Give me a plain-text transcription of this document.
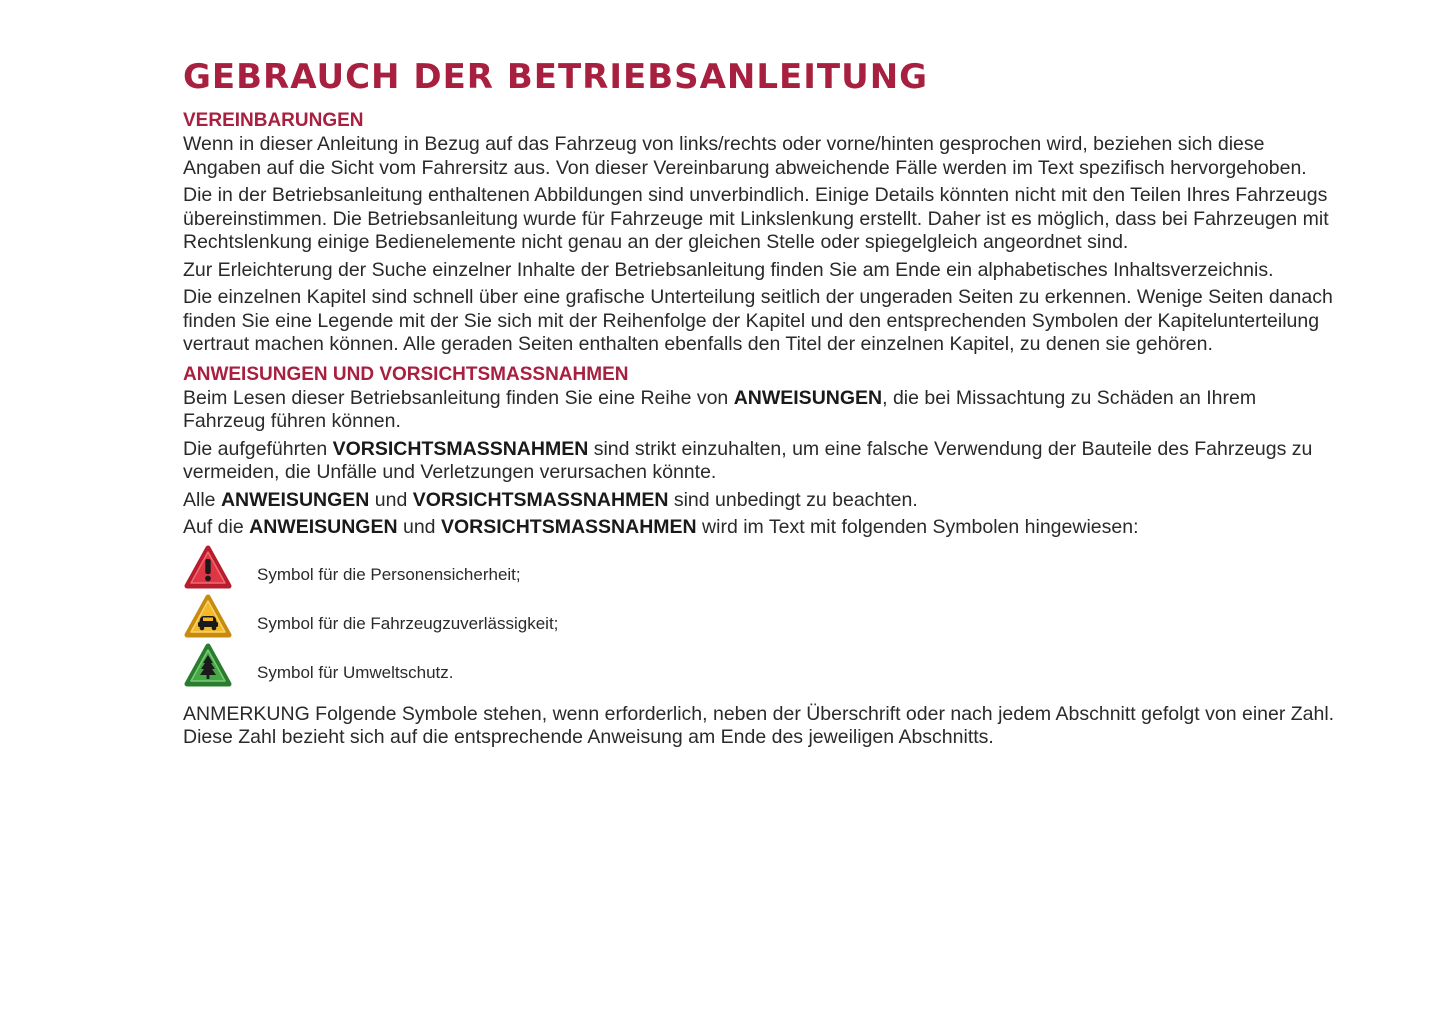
GEBRAUCH DER BETRIEBSANLEITUNG
VEREINBARUNGEN

Wenn in dieser Anleitung in Bezug auf das Fahrzeug von links/rechts oder vorne/hinten gesprochen wird, beziehen sich diese Angaben auf die Sicht vom Fahrersitz aus. Von dieser Vereinbarung abweichende Fälle werden im Text spezifisch hervorgehoben.

Die in der Betriebsanleitung enthaltenen Abbildungen sind unverbindlich. Einige Details könnten nicht mit den Teilen Ihres Fahrzeugs übereinstimmen. Die Betriebsanleitung wurde für Fahrzeuge mit Linkslenkung erstellt. Daher ist es möglich, dass bei Fahrzeugen mit Rechtslenkung einige Bedienelemente nicht genau an der gleichen Stelle oder spiegelgleich angeordnet sind.

Zur Erleichterung der Suche einzelner Inhalte der Betriebsanleitung finden Sie am Ende ein alphabetisches Inhaltsverzeichnis.

Die einzelnen Kapitel sind schnell über eine grafische Unterteilung seitlich der ungeraden Seiten zu erkennen. Wenige Seiten danach finden Sie eine Legende mit der Sie sich mit der Reihenfolge der Kapitel und den entsprechenden Symbolen der Kapitelunterteilung vertraut machen können. Alle geraden Seiten enthalten ebenfalls den Titel der einzelnen Kapitel, zu denen sie gehören.

ANWEISUNGEN UND VORSICHTSMASSNAHMEN

Beim Lesen dieser Betriebsanleitung finden Sie eine Reihe von ANWEISUNGEN, die bei Missachtung zu Schäden an Ihrem Fahrzeug führen können.

Die aufgeführten VORSICHTSMASSNAHMEN sind strikt einzuhalten, um eine falsche Verwendung der Bauteile des Fahrzeugs zu vermeiden, die Unfälle und Verletzungen verursachen könnte.

Alle ANWEISUNGEN und VORSICHTSMASSNAHMEN sind unbedingt zu beachten.

Auf die ANWEISUNGEN und VORSICHTSMASSNAHMEN wird im Text mit folgenden Symbolen hingewiesen:

Symbol für die Personensicherheit;
Symbol für die Fahrzeugzuverlässigkeit;
Symbol für Umweltschutz.

ANMERKUNG Folgende Symbole stehen, wenn erforderlich, neben der Überschrift oder nach jedem Abschnitt gefolgt von einer Zahl. Diese Zahl bezieht sich auf die entsprechende Anweisung am Ende des jeweiligen Abschnitts.
